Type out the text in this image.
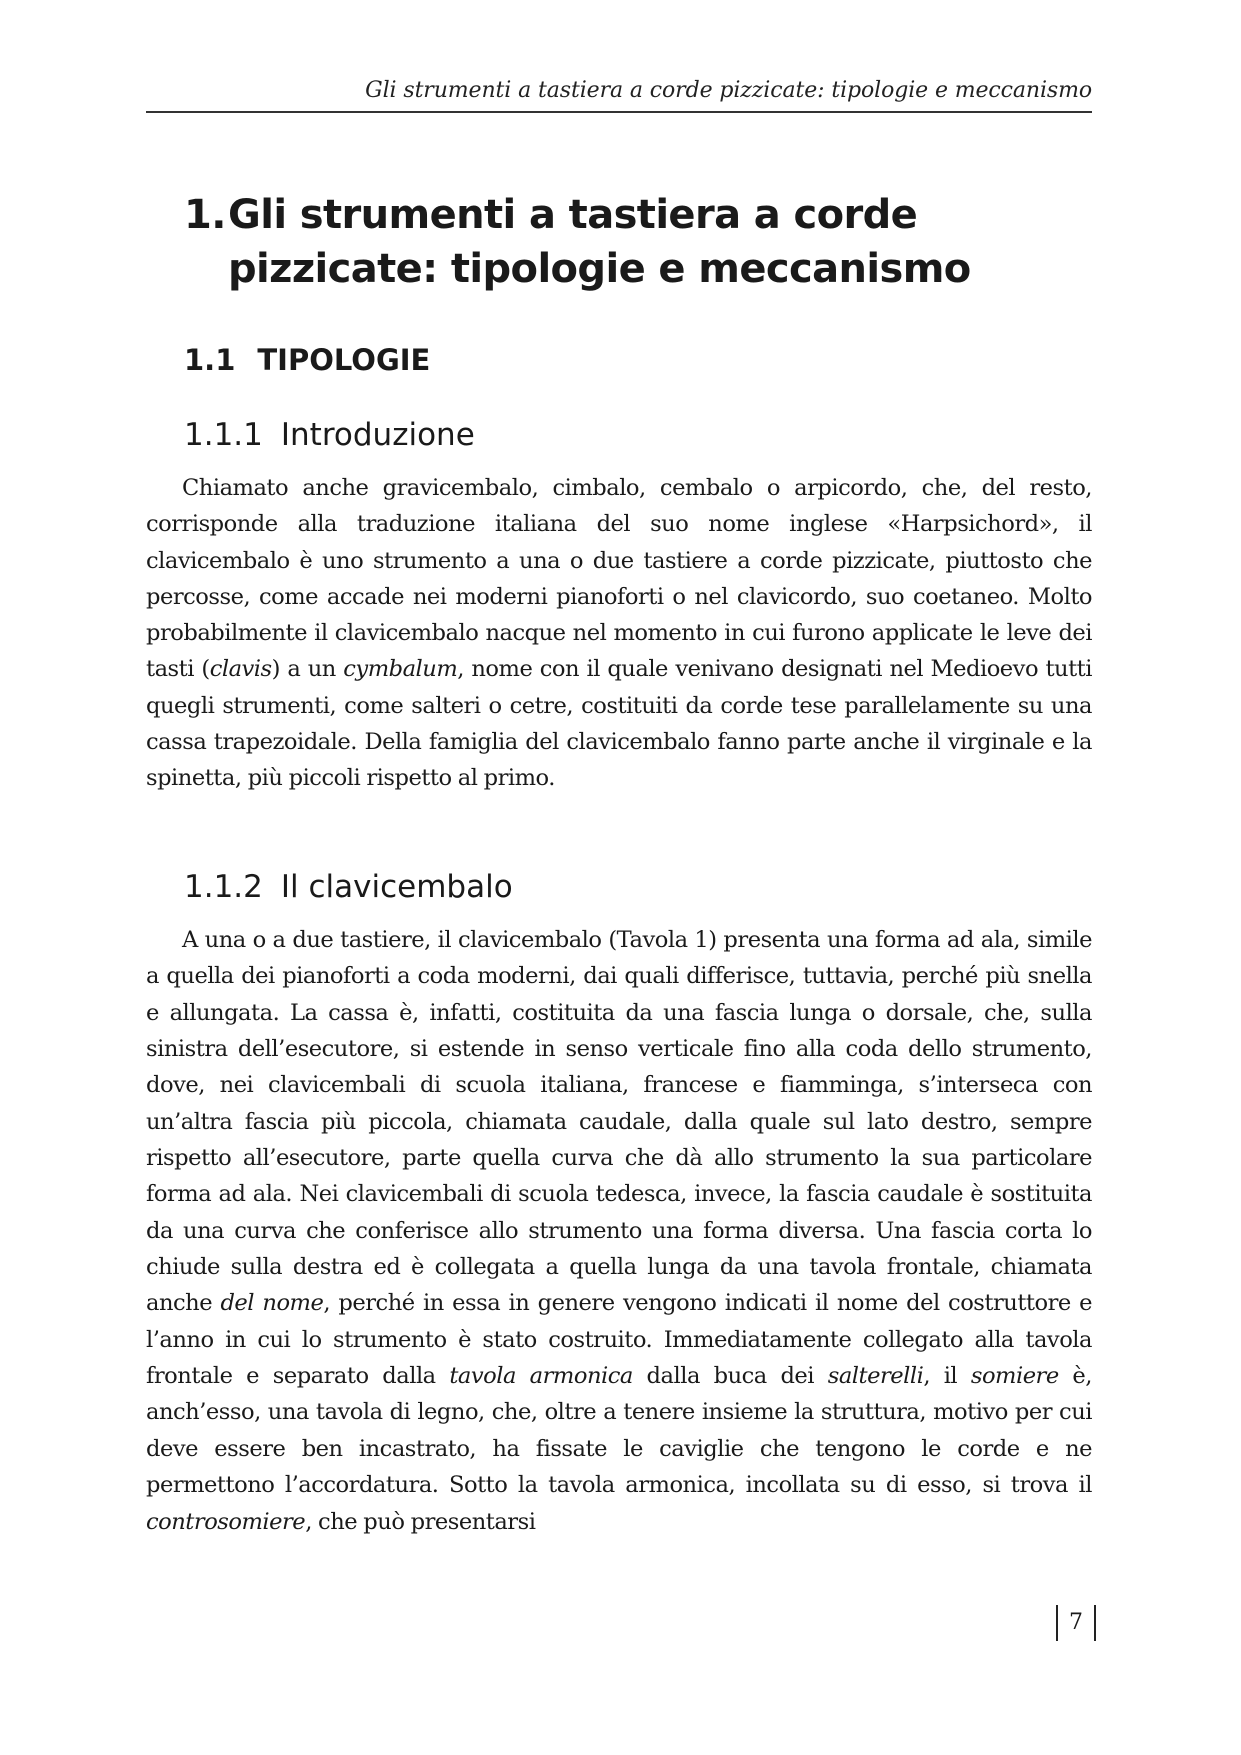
Gli strumenti a tastiera a corde pizzicate: tipologie e meccanismo
1. Gli strumenti a tastiera a corde pizzicate: tipologie e meccanismo
1.1 TIPOLOGIE
1.1.1 Introduzione

Chiamato anche gravicembalo, cimbalo, cembalo o arpicordo, che, del resto, corrisponde alla traduzione italiana del suo nome inglese «Harpsichord», il clavicembalo è uno strumento a una o due tastiere a corde pizzicate, piuttosto che percosse, come accade nei moderni pianoforti o nel clavicordo, suo coetaneo. Molto probabilmente il clavicembalo nacque nel momento in cui furono applicate le leve dei tasti (clavis) a un cymbalum, nome con il quale venivano designati nel Medioevo tutti quegli strumenti, come salteri o cetre, costituiti da corde tese parallelamente su una cassa trapezoidale. Della famiglia del clavicembalo fanno parte anche il virginale e la spinetta, più piccoli rispetto al primo.

1.1.2 Il clavicembalo

A una o a due tastiere, il clavicembalo (Tavola 1) presenta una forma ad ala, simile a quella dei pianoforti a coda moderni, dai quali differisce, tuttavia, perché più snella e allungata. La cassa è, infatti, costituita da una fascia lunga o dorsale, che, sulla sinistra dell’esecutore, si estende in senso verticale fino alla coda dello strumento, dove, nei clavicembali di scuola italiana, francese e fiamminga, s’interseca con un’altra fascia più piccola, chiamata caudale, dalla quale sul lato destro, sempre rispetto all’esecutore, parte quella curva che dà allo strumento la sua particolare forma ad ala. Nei clavicembali di scuola tedesca, invece, la fascia caudale è sostituita da una curva che conferisce allo strumento una forma diversa. Una fascia corta lo chiude sulla destra ed è collegata a quella lunga da una tavola frontale, chiamata anche del nome, perché in essa in genere vengono indicati il nome del costruttore e l’anno in cui lo strumento è stato costruito. Immediatamente collegato alla tavola frontale e separato dalla tavola armonica dalla buca dei salterelli, il somiere è, anch’esso, una tavola di legno, che, oltre a tenere insieme la struttura, motivo per cui deve essere ben incastrato, ha fissate le caviglie che tengono le corde e ne permettono l’accordatura. Sotto la tavola armonica, incollata su di esso, si trova il controsomiere, che può presentarsi

7
